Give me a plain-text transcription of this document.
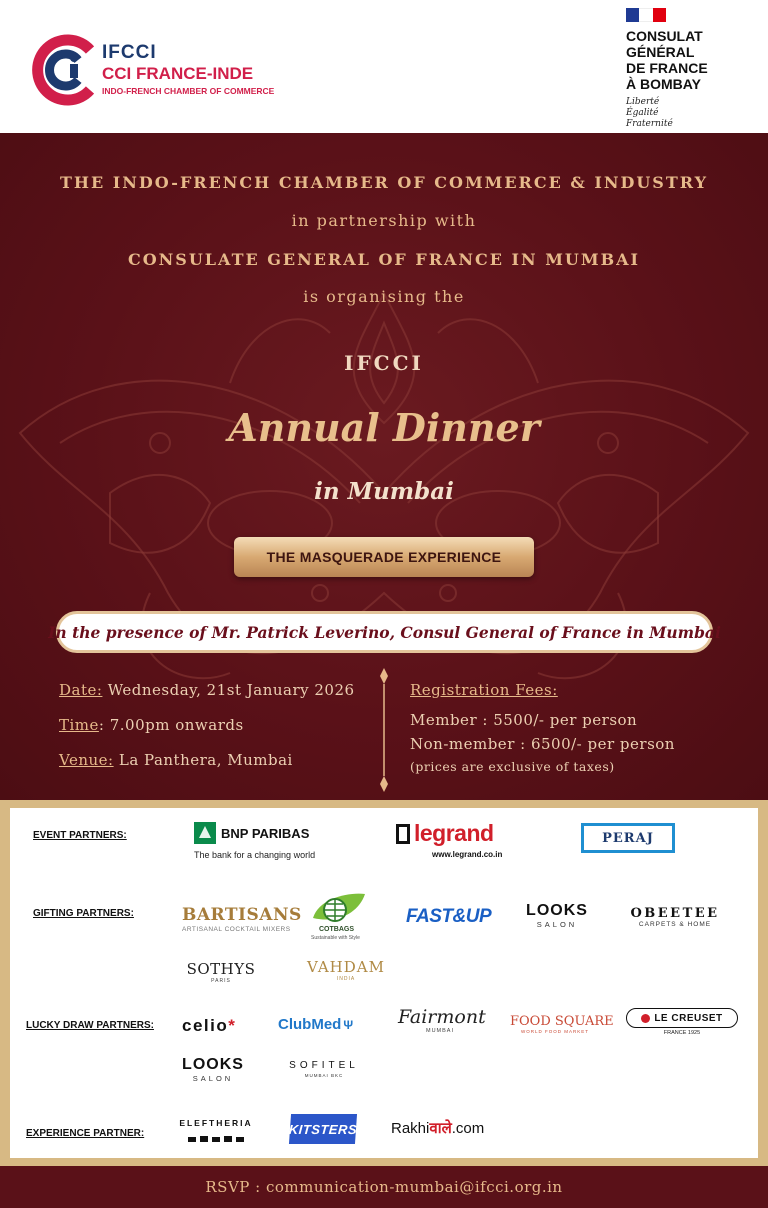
IFCCI
CCI FRANCE-INDE
INDO-FRENCH CHAMBER OF COMMERCE
CONSULAT
GÉNÉRAL
DE FRANCE
À BOMBAY
Liberté
Égalité
Fraternité
THE INDO-FRENCH CHAMBER OF COMMERCE & INDUSTRY
in partnership with
CONSULATE GENERAL OF FRANCE IN MUMBAI
is organising the
IFCCI
Annual Dinner
in Mumbai
THE MASQUERADE EXPERIENCE
In the presence of Mr. Patrick Leverino, Consul General of France in Mumbai
Date: Wednesday, 21st January 2026
Time: 7.00pm onwards
Venue: La Panthera, Mumbai
Registration Fees:
Member : 5500/- per person
Non-member : 6500/- per person
(prices are exclusive of taxes)
EVENT PARTNERS:	BNP PARIBAS
The bank for a changing world
legrand
www.legrand.co.in
PERAJ
GIFTING PARTNERS:	BARTISANS
ARTISANAL COCKTAIL MIXERS	COTBAGS
Sustainable with Style
FAST&UP LOOKS
SALON
OBEETEE
CARPETS & HOME
SOTHYS
PARIS
VAHDAM
INDIA
LUCKY DRAW PARTNERS: celio*	ClubMed Ψ Fairmont
MUMBAI
FOOD SQUARE
WORLD FOOD MARKET
LE CREUSET
FRANCE 1925
LOOKS
SALON
SOFITEL
MUMBAI BKC
EXPERIENCE PARTNER:
ELEFTHERIA	KITSTERS Rakhiवाले.com
RSVP : communication-mumbai@ifcci.org.in
